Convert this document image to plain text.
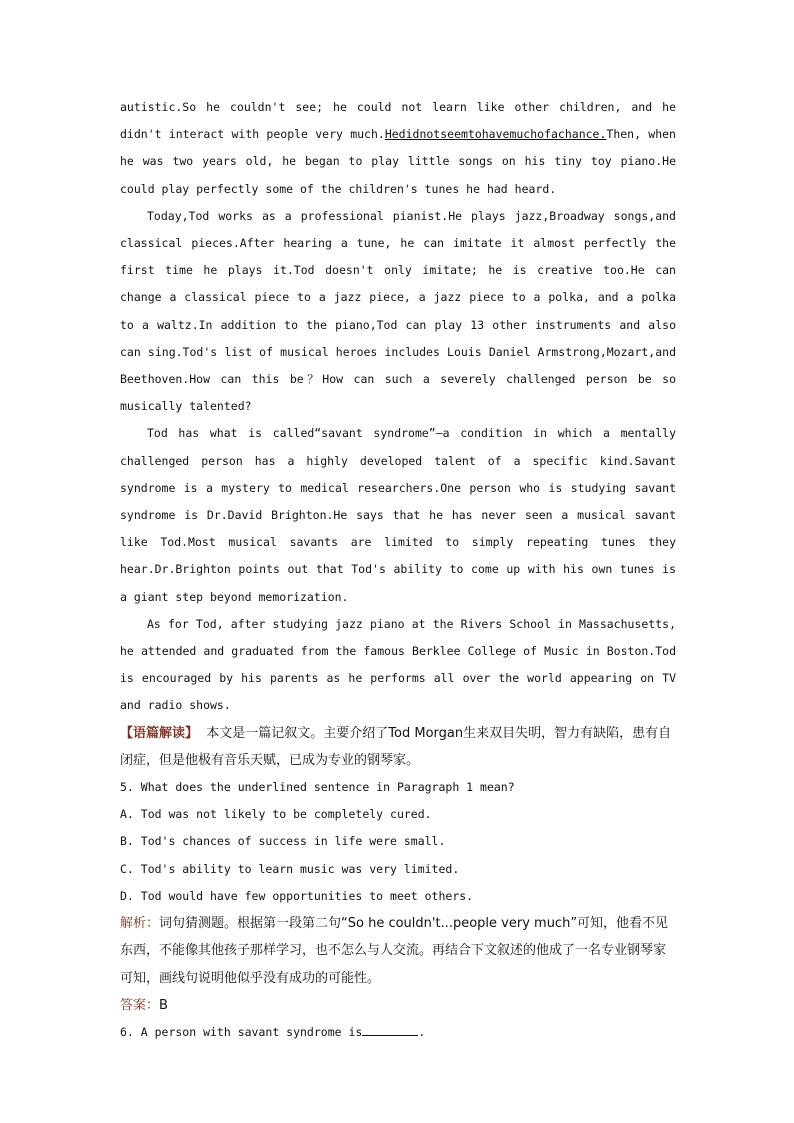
autistic.So he couldn't see; he could not learn like other children, and he didn't interact with people very much.Hedidnotseemtohavemuchofachance.Then, when he was two years old, he began to play little songs on his tiny toy piano.He could play perfectly some of the children's tunes he had heard.

Today,Tod works as a professional pianist.He plays jazz,Broadway songs,and classical pieces.After hearing a tune, he can imitate it almost perfectly the first time he plays it.Tod doesn't only imitate; he is creative too.He can change a classical piece to a jazz piece, a jazz piece to a polka, and a polka to a waltz.In addition to the piano,Tod can play 13 other instruments and also can sing.Tod's list of musical heroes includes Louis Daniel Armstrong,Mozart,and Beethoven.How can this be？How can such a severely challenged person be so musically talented?

Tod has what is called“savant syndrome”—a condition in which a mentally challenged person has a highly developed talent of a specific kind.Savant syndrome is a mystery to medical researchers.One person who is studying savant syndrome is Dr.David Brighton.He says that he has never seen a musical savant like Tod.Most musical savants are limited to simply repeating tunes they hear.Dr.Brighton points out that Tod's ability to come up with his own tunes is a giant step beyond memorization.

As for Tod, after studying jazz piano at the Rivers School in Massachusetts, he attended and graduated from the famous Berklee College of Music in Boston.Tod is encouraged by his parents as he performs all over the world appearing on TV and radio shows.

【语篇解读】 本文是一篇记叙文。主要介绍了Tod Morgan生来双目失明，智力有缺陷，患有自闭症，但是他极有音乐天赋，已成为专业的钢琴家。

5. What does the underlined sentence in Paragraph 1 mean?

A. Tod was not likely to be completely cured.

B. Tod's chances of success in life were small.

C. Tod's ability to learn music was very limited.

D. Tod would have few opportunities to meet others.

解析：词句猜测题。根据第一段第二句“So he couldn't...people very much”可知，他看不见东西，不能像其他孩子那样学习，也不怎么与人交流。再结合下文叙述的他成了一名专业钢琴家可知，画线句说明他似乎没有成功的可能性。

答案：B

6. A person with savant syndrome is	.
